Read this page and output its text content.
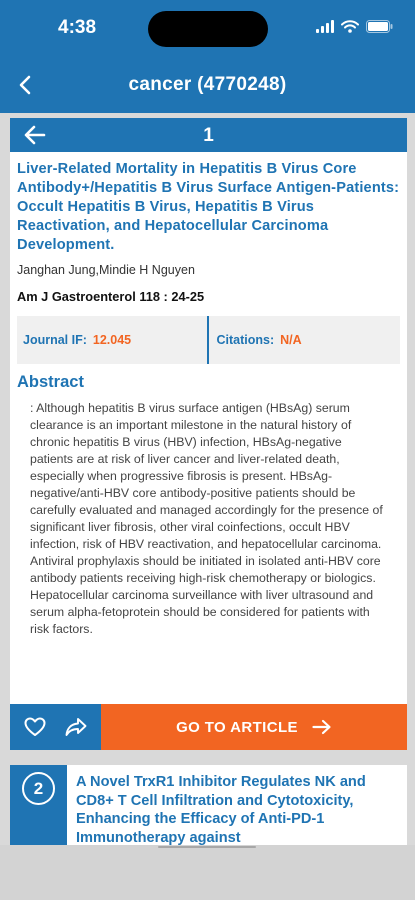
4:38
cancer (4770248)
1
Liver-Related Mortality in Hepatitis B Virus Core Antibody+/Hepatitis B Virus Surface Antigen-Patients: Occult Hepatitis B Virus, Hepatitis B Virus Reactivation, and Hepatocellular Carcinoma Development.
Janghan Jung,Mindie H Nguyen
Am J Gastroenterol 118 : 24-25
Journal IF: 12.045	Citations: N/A
Abstract
: Although hepatitis B virus surface antigen (HBsAg) serum clearance is an important milestone in the natural history of chronic hepatitis B virus (HBV) infection, HBsAg-negative patients are at risk of liver cancer and liver-related death, especially when progressive fibrosis is present. HBsAg-negative/anti-HBV core antibody-positive patients should be carefully evaluated and managed accordingly for the presence of significant liver fibrosis, other viral coinfections, occult HBV infection, risk of HBV reactivation, and hepatocellular carcinoma. Antiviral prophylaxis should be initiated in isolated anti-HBV core antibody patients receiving high-risk chemotherapy or biologics. Hepatocellular carcinoma surveillance with liver ultrasound and serum alpha-fetoprotein should be considered for patients with risk factors.
GO TO ARTICLE
2	A Novel TrxR1 Inhibitor Regulates NK and CD8+ T Cell Infiltration and Cytotoxicity, Enhancing the Efficacy of Anti-PD-1 Immunotherapy against
